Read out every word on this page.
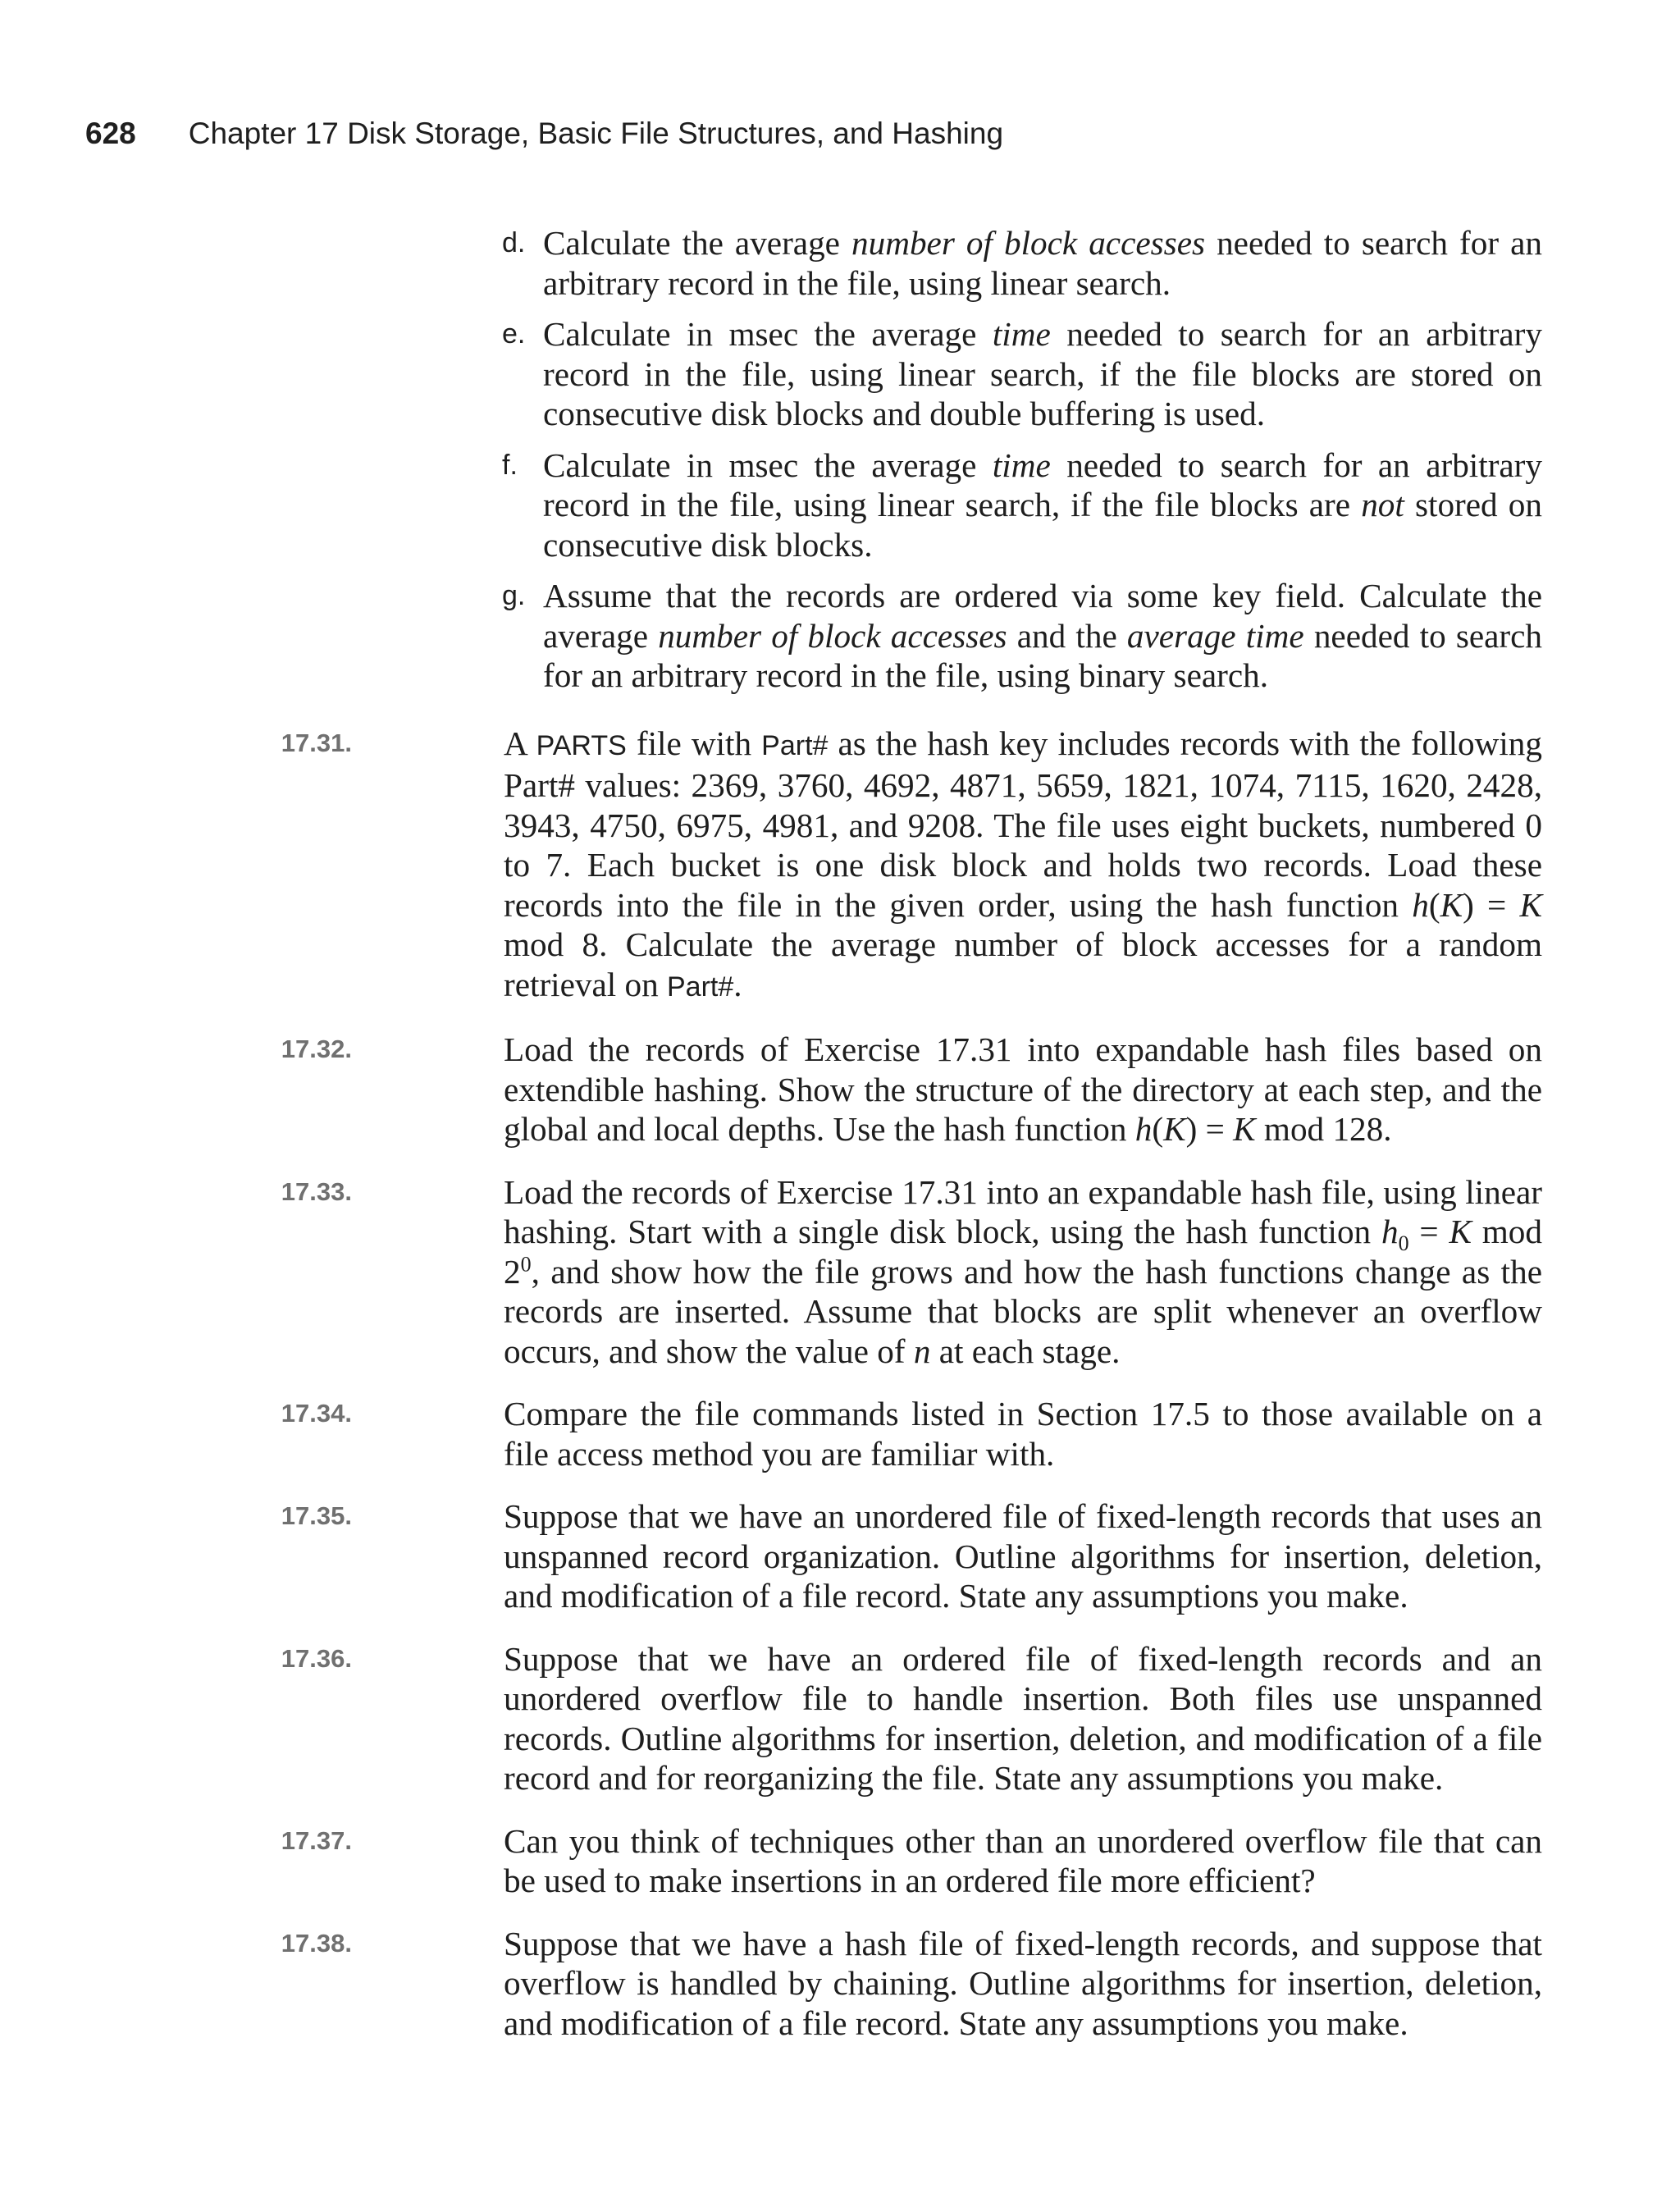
628 Chapter 17 Disk Storage, Basic File Structures, and Hashing
d. Calculate the average number of block accesses needed to search for an arbitrary record in the file, using linear search.
e. Calculate in msec the average time needed to search for an arbitrary record in the file, using linear search, if the file blocks are stored on consecutive disk blocks and double buffering is used.
f. Calculate in msec the average time needed to search for an arbitrary record in the file, using linear search, if the file blocks are not stored on consecutive disk blocks.
g. Assume that the records are ordered via some key field. Calculate the average number of block accesses and the average time needed to search for an arbitrary record in the file, using binary search.
17.31.	A PARTS file with Part# as the hash key includes records with the following Part# values: 2369, 3760, 4692, 4871, 5659, 1821, 1074, 7115, 1620, 2428, 3943, 4750, 6975, 4981, and 9208. The file uses eight buckets, numbered 0 to 7. Each bucket is one disk block and holds two records. Load these records into the file in the given order, using the hash function h(K) = K mod 8. Calculate the average number of block accesses for a random retrieval on Part#.
17.32.	Load the records of Exercise 17.31 into expandable hash files based on extendible hashing. Show the structure of the directory at each step, and the global and local depths. Use the hash function h(K) = K mod 128.
17.33.	Load the records of Exercise 17.31 into an expandable hash file, using linear hashing. Start with a single disk block, using the hash function $h_0 = K$ mod $2^0$, and show how the file grows and how the hash functions change as the records are inserted. Assume that blocks are split whenever an overflow occurs, and show the value of n at each stage.
17.34.	Compare the file commands listed in Section 17.5 to those available on a file access method you are familiar with.
17.35.	Suppose that we have an unordered file of fixed-length records that uses an unspanned record organization. Outline algorithms for insertion, deletion, and modification of a file record. State any assumptions you make.
17.36.	Suppose that we have an ordered file of fixed-length records and an unordered overflow file to handle insertion. Both files use unspanned records. Outline algorithms for insertion, deletion, and modification of a file record and for reorganizing the file. State any assumptions you make.
17.37.	Can you think of techniques other than an unordered overflow file that can be used to make insertions in an ordered file more efficient?
17.38.	Suppose that we have a hash file of fixed-length records, and suppose that overflow is handled by chaining. Outline algorithms for insertion, deletion, and modification of a file record. State any assumptions you make.
